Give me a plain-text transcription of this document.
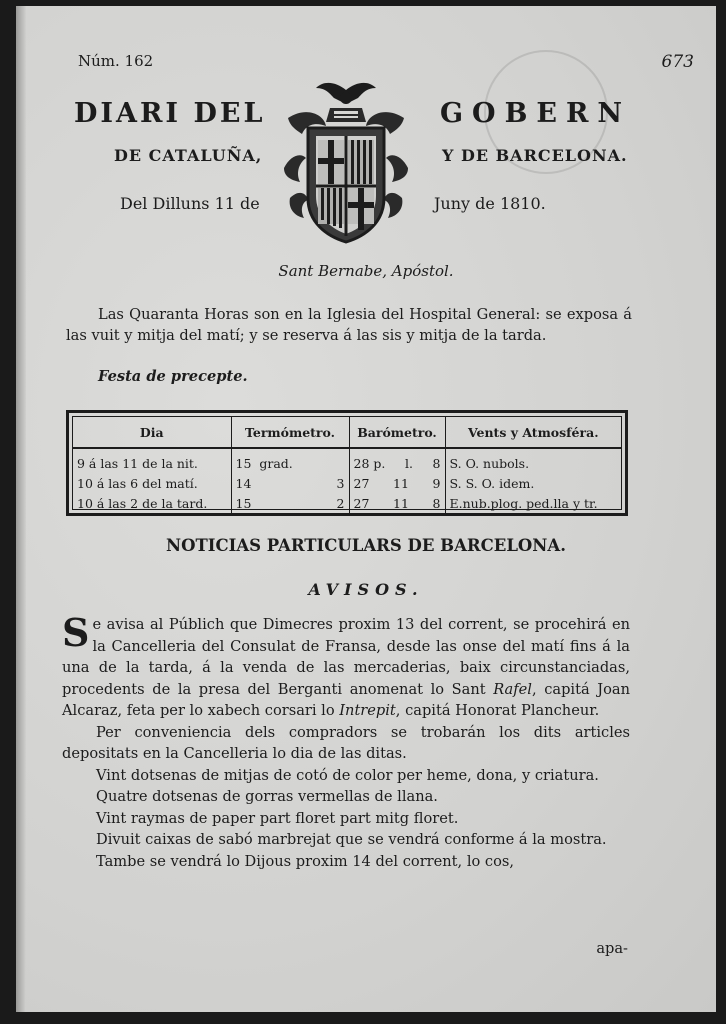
Núm. 162	673
DIARI DEL	GOBERN
DE CATALUÑA,	Y DE BARCELONA.
Del Dilluns 11 de	Juny de 1810.
Sant Bernabe, Apóstol.
Las Quaranta Horas son en la Iglesia del Hospital General: se exposa á las vuit y mitja del matí; y se reserva á las sis y mitja de la tarda.
Festa de precepte.
Dia	Termómetro.	Barómetro.	Vents y Atmosféra.
9 á las 11 de la nit.	15 grad.	28 p. l. 8	S. O. nubols.
10 á las 6 del matí.	14 3	27 11 9	S. S. O. idem.
10 á las 2 de la tard.	15 2	27 11 8	E.nub.plog. ped.lla y tr.
NOTICIAS PARTICULARS DE BARCELONA.
AVISOS.

Se avisa al Públich que Dimecres proxim 13 del corrent, se procehirá en la Cancelleria del Consulat de Fransa, desde las onse del matí fins á la una de la tarda, á la venda de las mercaderias, baix circunstanciadas, procedents de la presa del Berganti anomenat lo Sant Rafel, capitá Joan Alcaraz, feta per lo xabech corsari lo Intrepit, capitá Honorat Plancheur.

Per conveniencia dels compradors se trobarán los dits articles depositats en la Cancelleria lo dia de las ditas.

Vint dotsenas de mitjas de cotó de color per heme, dona, y criatura.

Quatre dotsenas de gorras vermellas de llana.

Vint raymas de paper part floret part mitg floret.

Divuit caixas de sabó marbrejat que se vendrá conforme á la mostra.

Tambe se vendrá lo Dijous proxim 14 del corrent, lo cos,

apa-
